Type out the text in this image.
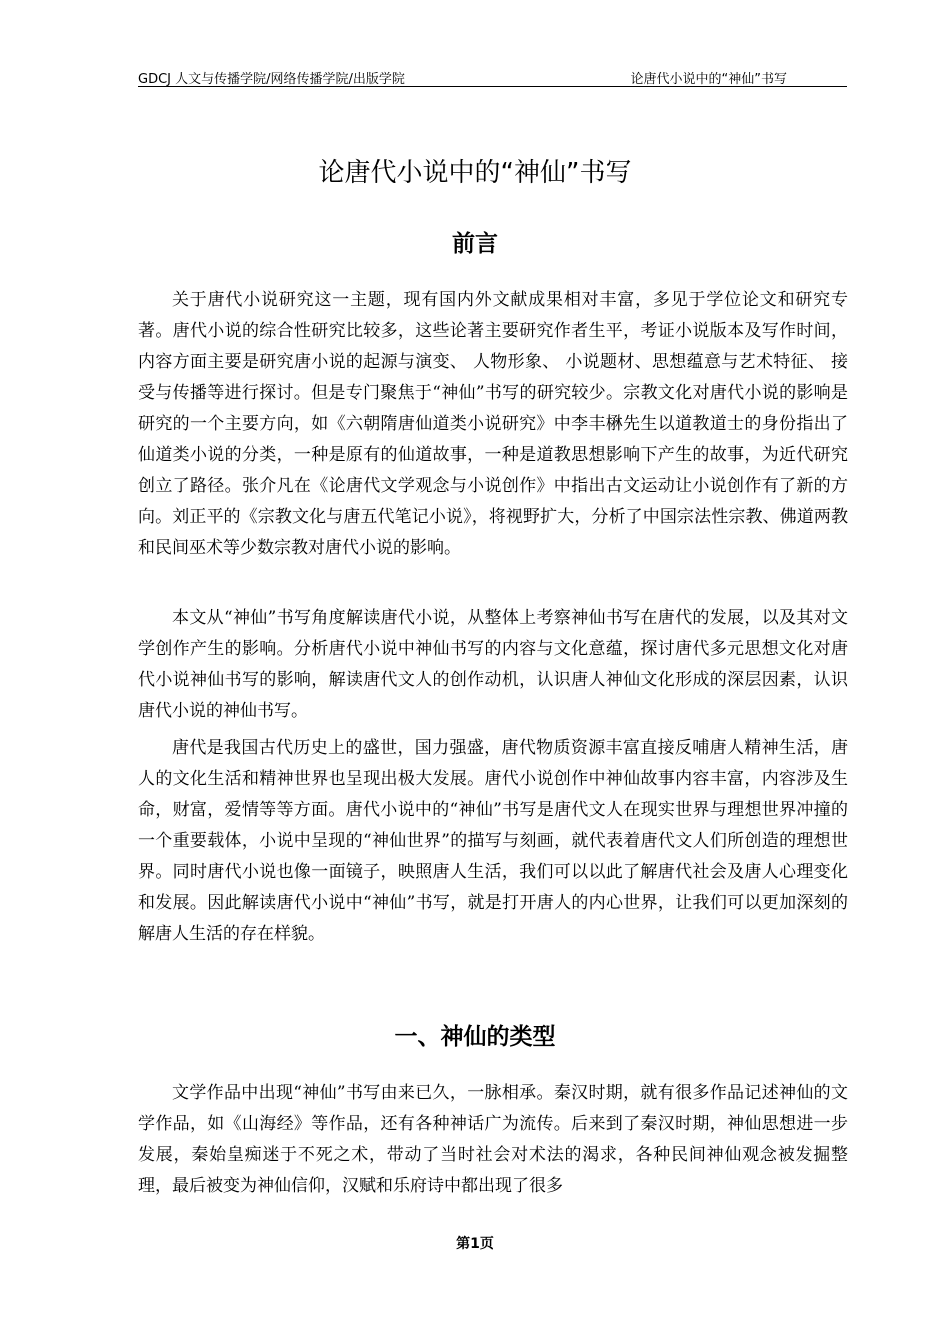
GDCJ 人文与传播学院/网络传播学院/出版学院	论唐代小说中的“神仙”书写
论唐代小说中的“神仙”书写
前言

关于唐代小说研究这一主题，现有国内外文献成果相对丰富，多见于学位论文和研究专著。唐代小说的综合性研究比较多，这些论著主要研究作者生平，考证小说版本及写作时间，内容方面主要是研究唐小说的起源与演变、 人物形象、 小说题材、思想蕴意与艺术特征、 接受与传播等进行探讨。但是专门聚焦于“神仙”书写的研究较少。宗教文化对唐代小说的影响是研究的一个主要方向，如《六朝隋唐仙道类小说研究》中李丰楙先生以道教道士的身份指出了仙道类小说的分类，一种是原有的仙道故事，一种是道教思想影响下产生的故事，为近代研究创立了路径。张介凡在《论唐代文学观念与小说创作》中指出古文运动让小说创作有了新的方向。刘正平的《宗教文化与唐五代笔记小说》，将视野扩大，分析了中国宗法性宗教、佛道两教和民间巫术等少数宗教对唐代小说的影响。

本文从“神仙”书写角度解读唐代小说，从整体上考察神仙书写在唐代的发展，以及其对文学创作产生的影响。分析唐代小说中神仙书写的内容与文化意蕴，探讨唐代多元思想文化对唐代小说神仙书写的影响，解读唐代文人的创作动机，认识唐人神仙文化形成的深层因素，认识唐代小说的神仙书写。

唐代是我国古代历史上的盛世，国力强盛，唐代物质资源丰富直接反哺唐人精神生活，唐人的文化生活和精神世界也呈现出极大发展。唐代小说创作中神仙故事内容丰富，内容涉及生命，财富，爱情等等方面。唐代小说中的“神仙”书写是唐代文人在现实世界与理想世界冲撞的一个重要载体，小说中呈现的“神仙世界”的描写与刻画，就代表着唐代文人们所创造的理想世界。同时唐代小说也像一面镜子，映照唐人生活，我们可以以此了解唐代社会及唐人心理变化和发展。因此解读唐代小说中“神仙”书写，就是打开唐人的内心世界，让我们可以更加深刻的解唐人生活的存在样貌。

一、神仙的类型

文学作品中出现“神仙”书写由来已久，一脉相承。秦汉时期，就有很多作品记述神仙的文学作品，如《山海经》等作品，还有各种神话广为流传。后来到了秦汉时期，神仙思想进一步发展，秦始皇痴迷于不死之术，带动了当时社会对术法的渴求，各种民间神仙观念被发掘整理，最后被变为神仙信仰，汉赋和乐府诗中都出现了很多

第1页
